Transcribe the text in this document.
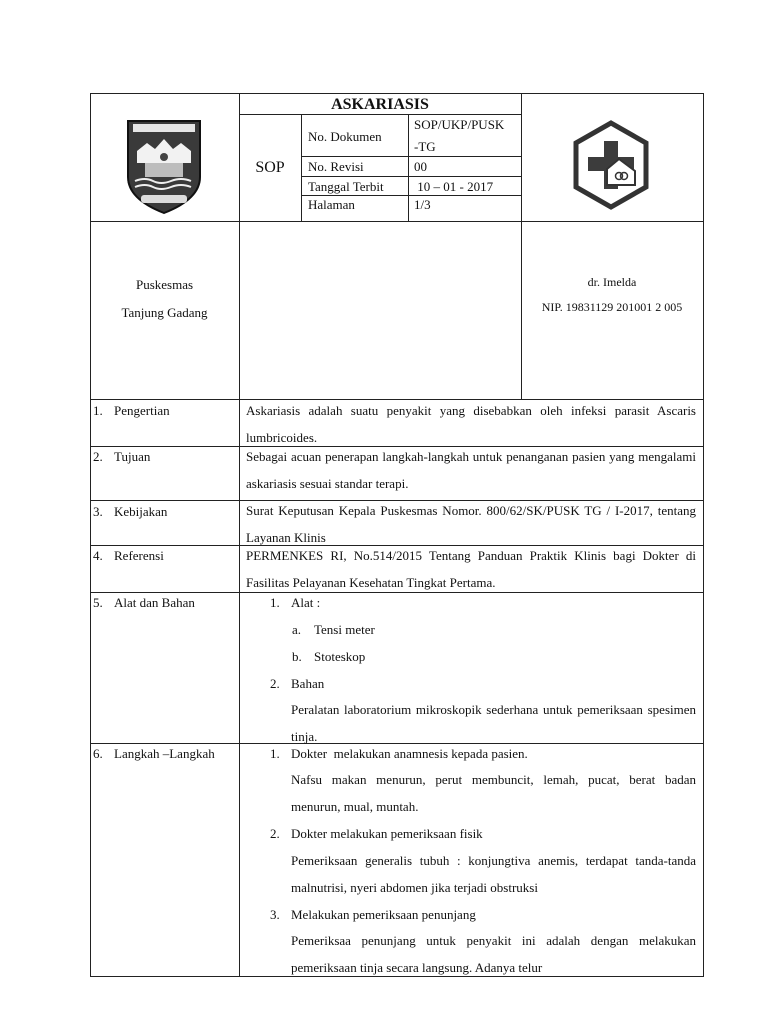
ASKARIASIS
SOP
No. Dokumen
SOP/UKP/PUSK
-TG
No. Revisi	00
Tanggal Terbit 10 – 01 - 2017
Halaman	1/3
Puskesmas
Tanjung Gadang
dr. Imelda
NIP. 19831129 201001 2 005
1. Pengertian	Askariasis adalah suatu penyakit yang disebabkan oleh infeksi parasit Ascaris lumbricoides.
2. Tujuan	Sebagai acuan penerapan langkah-langkah untuk penanganan pasien yang mengalami askariasis sesuai standar terapi.
3. Kebijakan	Surat Keputusan Kepala Puskesmas Nomor. 800/62/SK/PUSK TG / I-2017, tentang Layanan Klinis
4. Referensi	PERMENKES RI, No.514/2015 Tentang Panduan Praktik Klinis bagi Dokter di Fasilitas Pelayanan Kesehatan Tingkat Pertama.
5. Alat dan Bahan	1. Alat :
a. Tensi meter
b. Stoteskop
2. Bahan
Peralatan laboratorium mikroskopik sederhana untuk pemeriksaan spesimen tinja.
6. Langkah –Langkah	1. Dokter  melakukan anamnesis kepada pasien.
Nafsu makan menurun, perut membuncit, lemah, pucat, berat badan menurun, mual, muntah.
2. Dokter melakukan pemeriksaan fisik
Pemeriksaan generalis tubuh : konjungtiva anemis, terdapat tanda-tanda malnutrisi, nyeri abdomen jika terjadi obstruksi
3. Melakukan pemeriksaan penunjang
Pemeriksaa penunjang untuk penyakit ini adalah dengan melakukan pemeriksaan tinja secara langsung. Adanya telur
